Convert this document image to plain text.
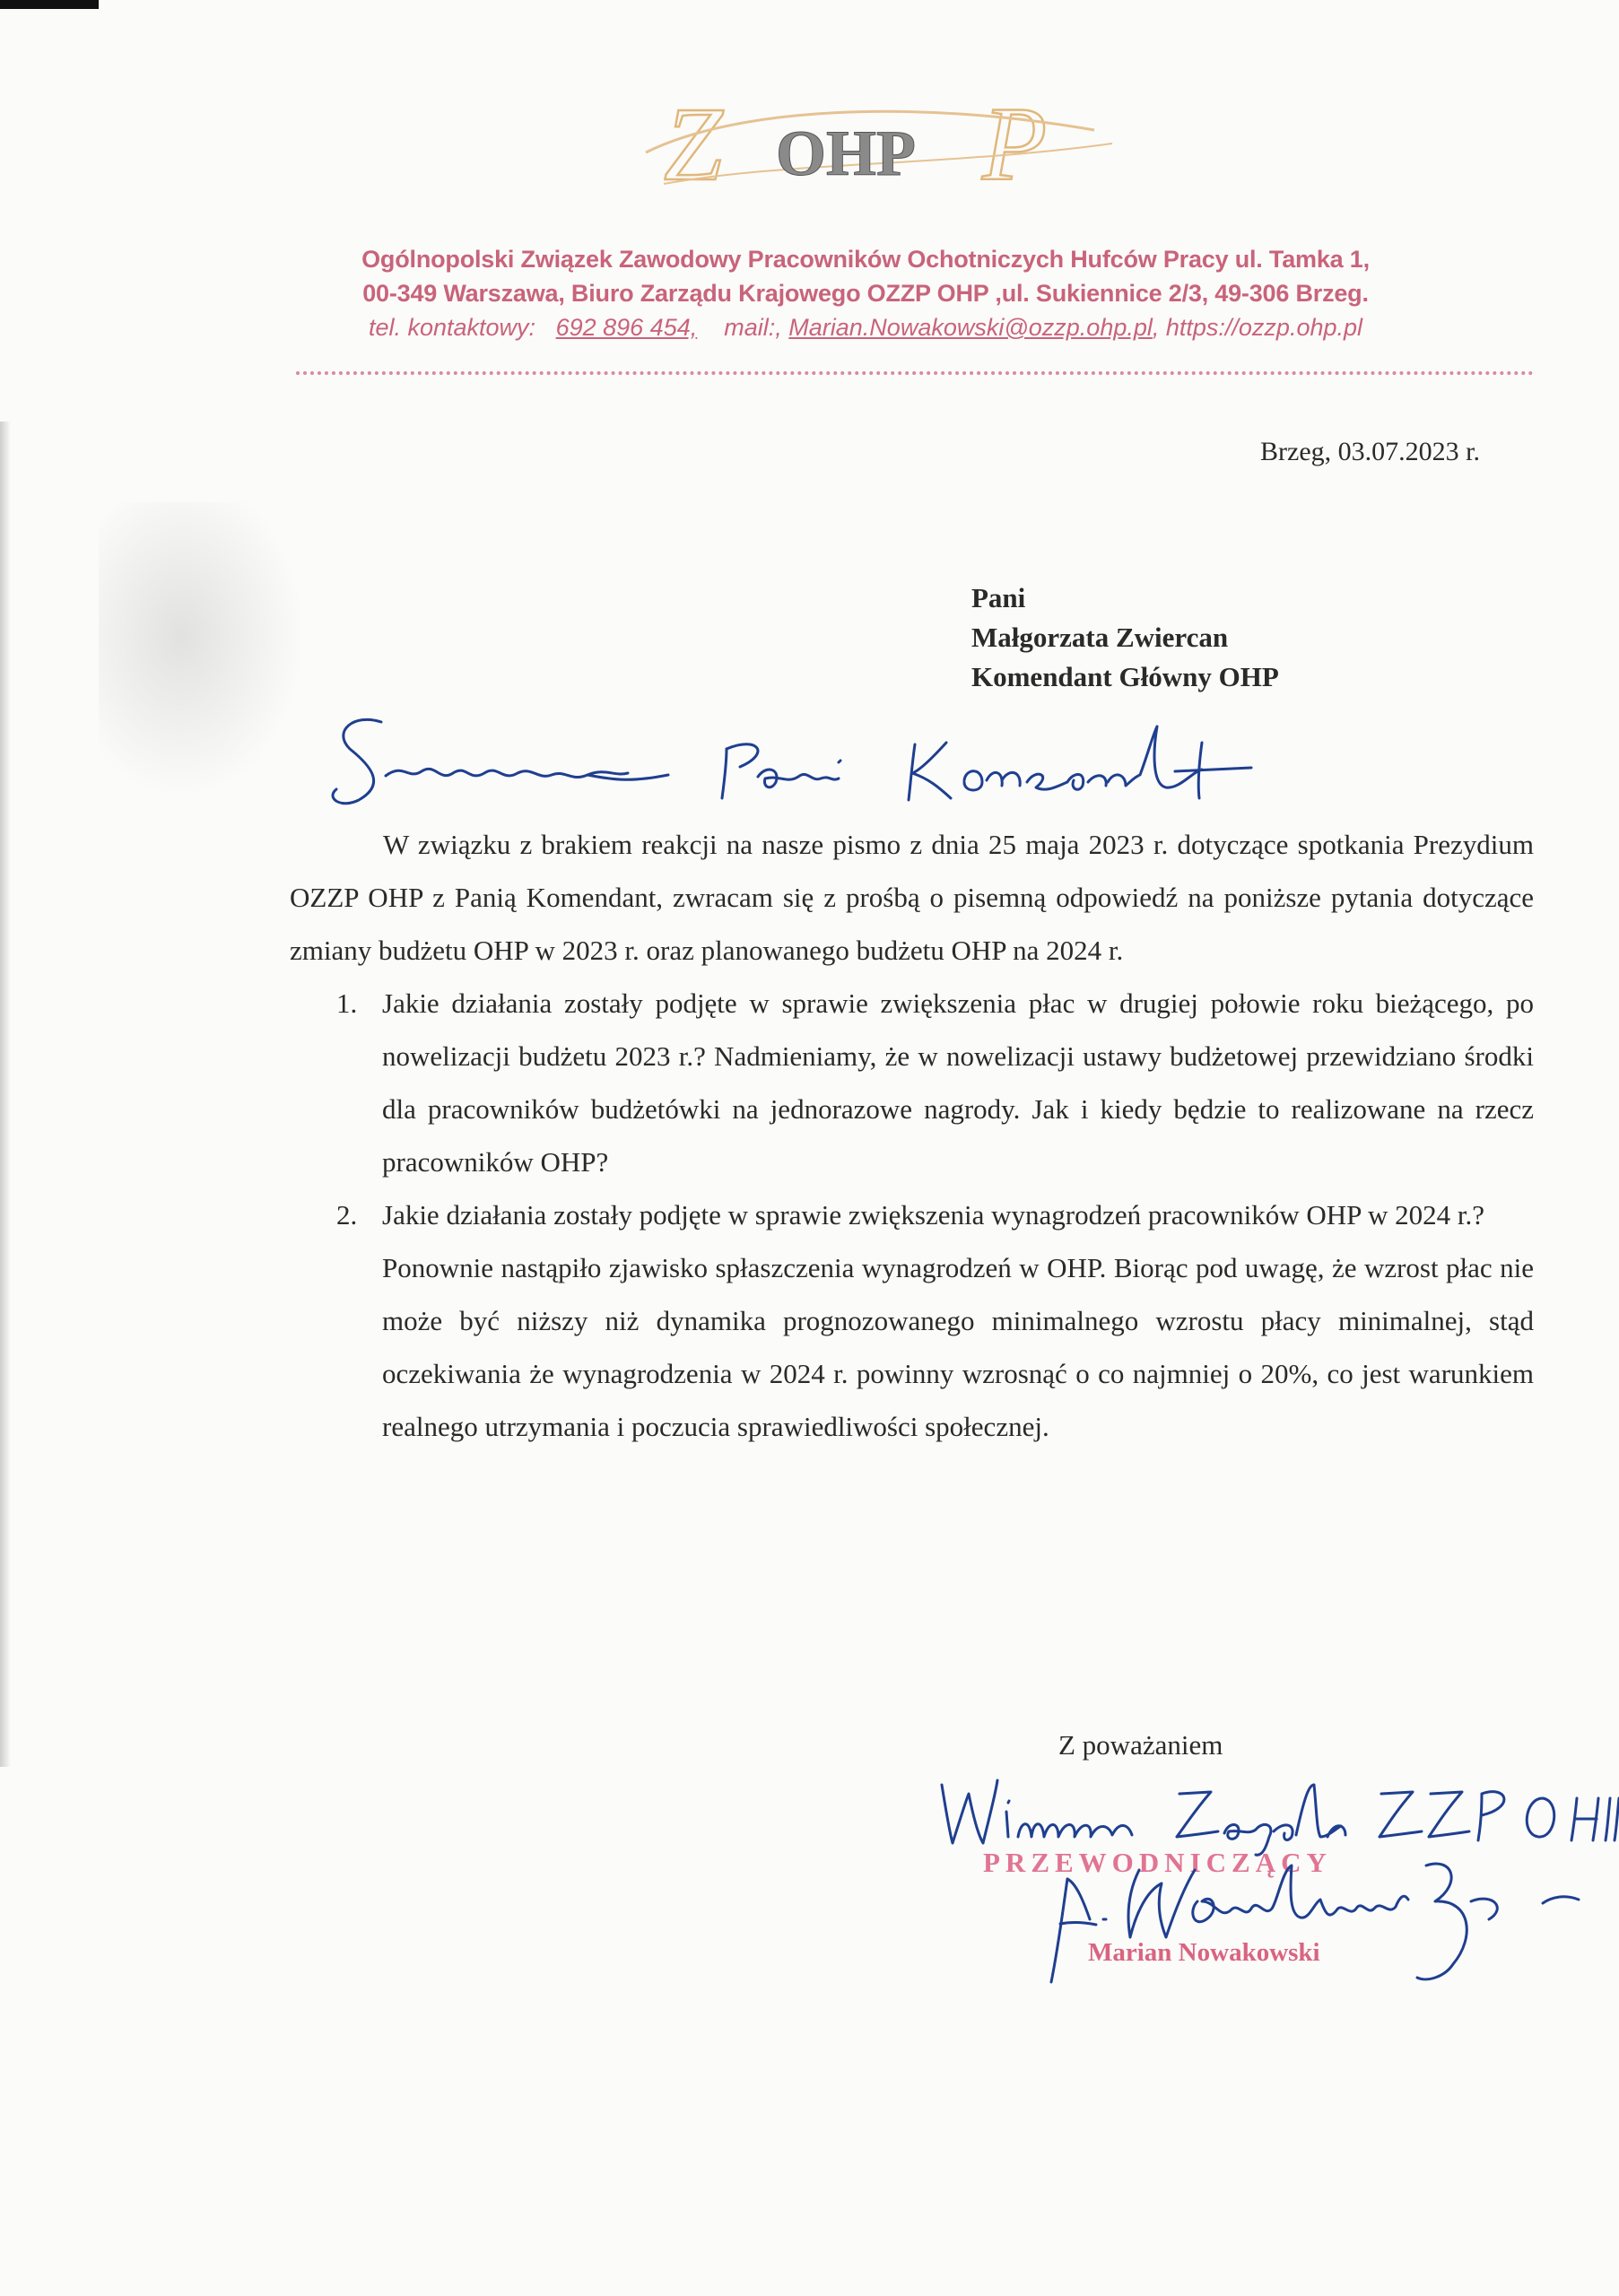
Z P
OHP
Ogólnopolski Związek Zawodowy Pracowników Ochotniczych Hufców Pracy ul. Tamka 1,
00-349 Warszawa, Biuro Zarządu Krajowego OZZP OHP ,ul. Sukiennice 2/3, 49-306 Brzeg.
tel. kontaktowy: 692 896 454, mail:, Marian.Nowakowski@ozzp.ohp.pl, https://ozzp.ohp.pl
Brzeg, 03.07.2023 r.
Pani
Małgorzata Zwiercan
Komendant Główny OHP

W związku z brakiem reakcji na nasze pismo z dnia 25 maja 2023 r. dotyczące spotkania Prezydium OZZP OHP z Panią Komendant, zwracam się z prośbą o pisemną odpowiedź na poniższe pytania dotyczące zmiany budżetu OHP w 2023 r. oraz planowanego budżetu OHP na 2024 r.

1. Jakie działania zostały podjęte w sprawie zwiększenia płac w drugiej połowie roku bieżącego, po nowelizacji budżetu 2023 r.? Nadmieniamy, że w nowelizacji ustawy budżetowej przewidziano środki dla pracowników budżetówki na jednorazowe nagrody. Jak i kiedy będzie to realizowane na rzecz pracowników OHP?

2. Jakie działania zostały podjęte w sprawie zwiększenia wynagrodzeń pracowników OHP w 2024 r.?

Ponownie nastąpiło zjawisko spłaszczenia wynagrodzeń w OHP. Biorąc pod uwagę, że wzrost płac nie może być niższy niż dynamika prognozowanego minimalnego wzrostu płacy minimalnej, stąd oczekiwania że wynagrodzenia w 2024 r. powinny wzrosnąć o co najmniej o 20%, co jest warunkiem realnego utrzymania i poczucia sprawiedliwości społecznej.

Z poważaniem
PRZEWODNICZĄCY
Marian Nowakowski
